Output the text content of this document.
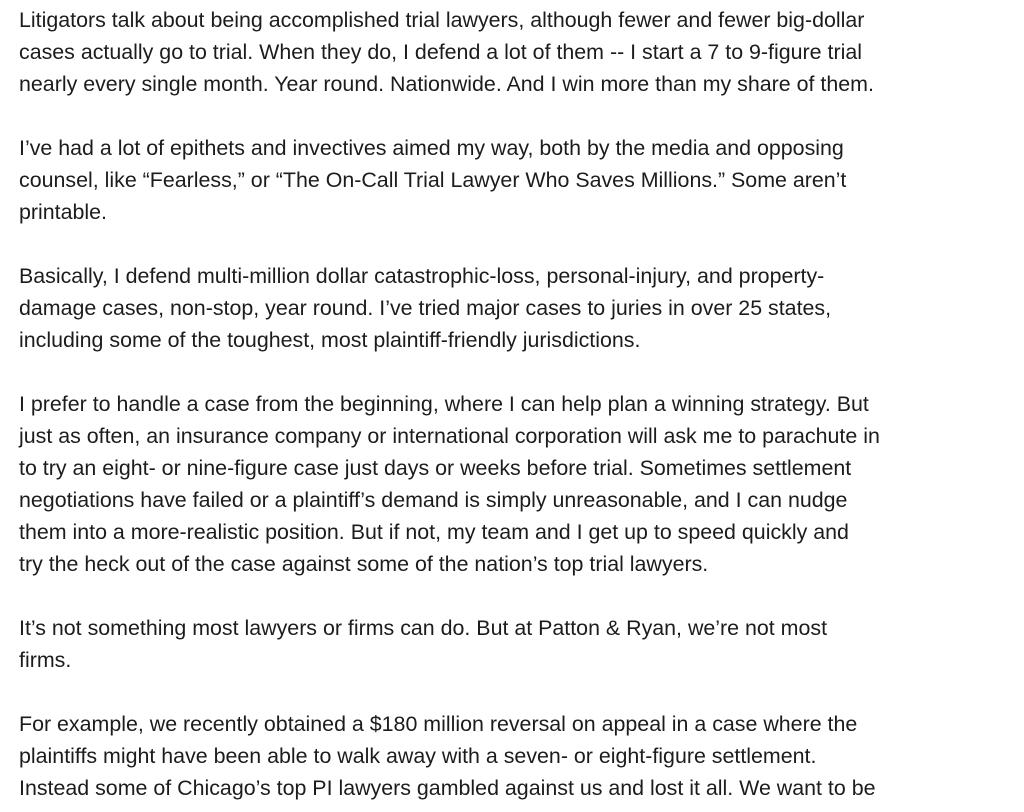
Litigators talk about being accomplished trial lawyers, although fewer and fewer big-dollar
cases actually go to trial. When they do, I defend a lot of them -- I start a 7 to 9-figure trial
nearly every single month. Year round. Nationwide. And I win more than my share of them.

I’ve had a lot of epithets and invectives aimed my way, both by the media and opposing
counsel, like “Fearless,” or “The On-Call Trial Lawyer Who Saves Millions.” Some aren’t
printable.

Basically, I defend multi-million dollar catastrophic-loss, personal-injury, and property-
damage cases, non-stop, year round. I’ve tried major cases to juries in over 25 states,
including some of the toughest, most plaintiff-friendly jurisdictions.

I prefer to handle a case from the beginning, where I can help plan a winning strategy. But
just as often, an insurance company or international corporation will ask me to parachute in
to try an eight- or nine-figure case just days or weeks before trial. Sometimes settlement
negotiations have failed or a plaintiff’s demand is simply unreasonable, and I can nudge
them into a more-realistic position. But if not, my team and I get up to speed quickly and
try the heck out of the case against some of the nation’s top trial lawyers.

It’s not something most lawyers or firms can do. But at Patton & Ryan, we’re not most
firms.

For example, we recently obtained a $180 million reversal on appeal in a case where the
plaintiffs might have been able to walk away with a seven- or eight-figure settlement.
Instead some of Chicago’s top PI lawyers gambled against us and lost it all. We want to be
